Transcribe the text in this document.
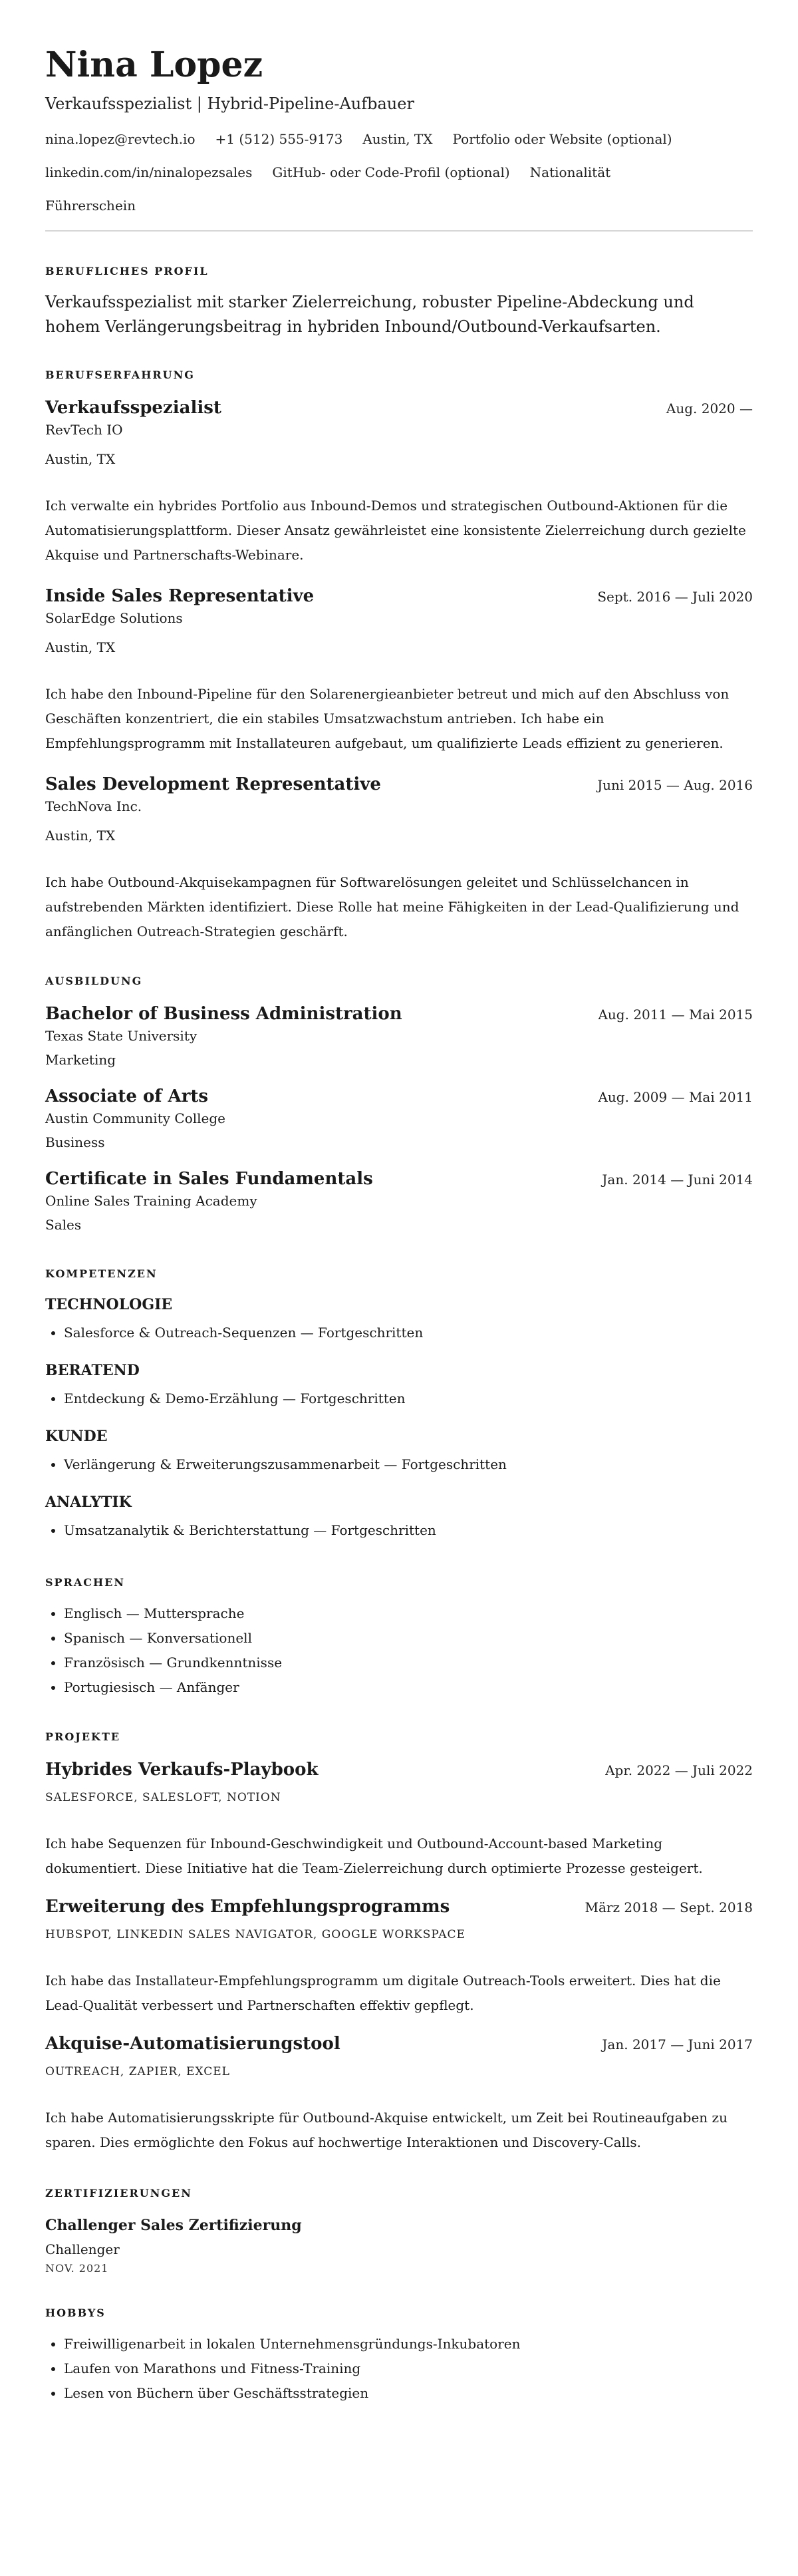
Nina Lopez
Verkaufsspezialist | Hybrid-Pipeline-Aufbauer
nina.lopez@revtech.io +1 (512) 555-9173 Austin, TX Portfolio oder Website (optional)
linkedin.com/in/ninalopezsales GitHub- oder Code-Profil (optional) Nationalität
Führerschein
BERUFLICHES PROFIL
Verkaufsspezialist mit starker Zielerreichung, robuster Pipeline-Abdeckung und hohem Verlängerungsbeitrag in hybriden Inbound/Outbound-Verkaufsarten.
BERUFSERFAHRUNG
Verkaufsspezialist	Aug. 2020 —
RevTech IO
Austin, TX
Ich verwalte ein hybrides Portfolio aus Inbound-Demos und strategischen Outbound-Aktionen für die Automatisierungsplattform. Dieser Ansatz gewährleistet eine konsistente Zielerreichung durch gezielte Akquise und Partnerschafts-Webinare.
Inside Sales Representative	Sept. 2016 — Juli 2020
SolarEdge Solutions
Austin, TX
Ich habe den Inbound-Pipeline für den Solarenergieanbieter betreut und mich auf den Abschluss von Geschäften konzentriert, die ein stabiles Umsatzwachstum antrieben. Ich habe ein Empfehlungsprogramm mit Installateuren aufgebaut, um qualifizierte Leads effizient zu generieren.
Sales Development Representative	Juni 2015 — Aug. 2016
TechNova Inc.
Austin, TX
Ich habe Outbound-Akquisekampagnen für Softwarelösungen geleitet und Schlüsselchancen in aufstrebenden Märkten identifiziert. Diese Rolle hat meine Fähigkeiten in der Lead-Qualifizierung und anfänglichen Outreach-Strategien geschärft.
AUSBILDUNG
Bachelor of Business Administration	Aug. 2011 — Mai 2015
Texas State University
Marketing
Associate of Arts	Aug. 2009 — Mai 2011
Austin Community College
Business
Certificate in Sales Fundamentals	Jan. 2014 — Juni 2014
Online Sales Training Academy
Sales
KOMPETENZEN
TECHNOLOGIE
• Salesforce & Outreach-Sequenzen — Fortgeschritten
BERATEND
• Entdeckung & Demo-Erzählung — Fortgeschritten
KUNDE
• Verlängerung & Erweiterungszusammenarbeit — Fortgeschritten
ANALYTIK
• Umsatzanalytik & Berichterstattung — Fortgeschritten
SPRACHEN
• Englisch — Muttersprache
• Spanisch — Konversationell
• Französisch — Grundkenntnisse
• Portugiesisch — Anfänger
PROJEKTE
Hybrides Verkaufs-Playbook	Apr. 2022 — Juli 2022
SALESFORCE, SALESLOFT, NOTION
Ich habe Sequenzen für Inbound-Geschwindigkeit und Outbound-Account-based Marketing dokumentiert. Diese Initiative hat die Team-Zielerreichung durch optimierte Prozesse gesteigert.
Erweiterung des Empfehlungsprogramms	März 2018 — Sept. 2018
HUBSPOT, LINKEDIN SALES NAVIGATOR, GOOGLE WORKSPACE
Ich habe das Installateur-Empfehlungsprogramm um digitale Outreach-Tools erweitert. Dies hat die Lead-Qualität verbessert und Partnerschaften effektiv gepflegt.
Akquise-Automatisierungstool	Jan. 2017 — Juni 2017
OUTREACH, ZAPIER, EXCEL
Ich habe Automatisierungsskripte für Outbound-Akquise entwickelt, um Zeit bei Routineaufgaben zu sparen. Dies ermöglichte den Fokus auf hochwertige Interaktionen und Discovery-Calls.
ZERTIFIZIERUNGEN
Challenger Sales Zertifizierung
Challenger
NOV. 2021
HOBBYS
• Freiwilligenarbeit in lokalen Unternehmensgründungs-Inkubatoren
• Laufen von Marathons und Fitness-Training
• Lesen von Büchern über Geschäftsstrategien
